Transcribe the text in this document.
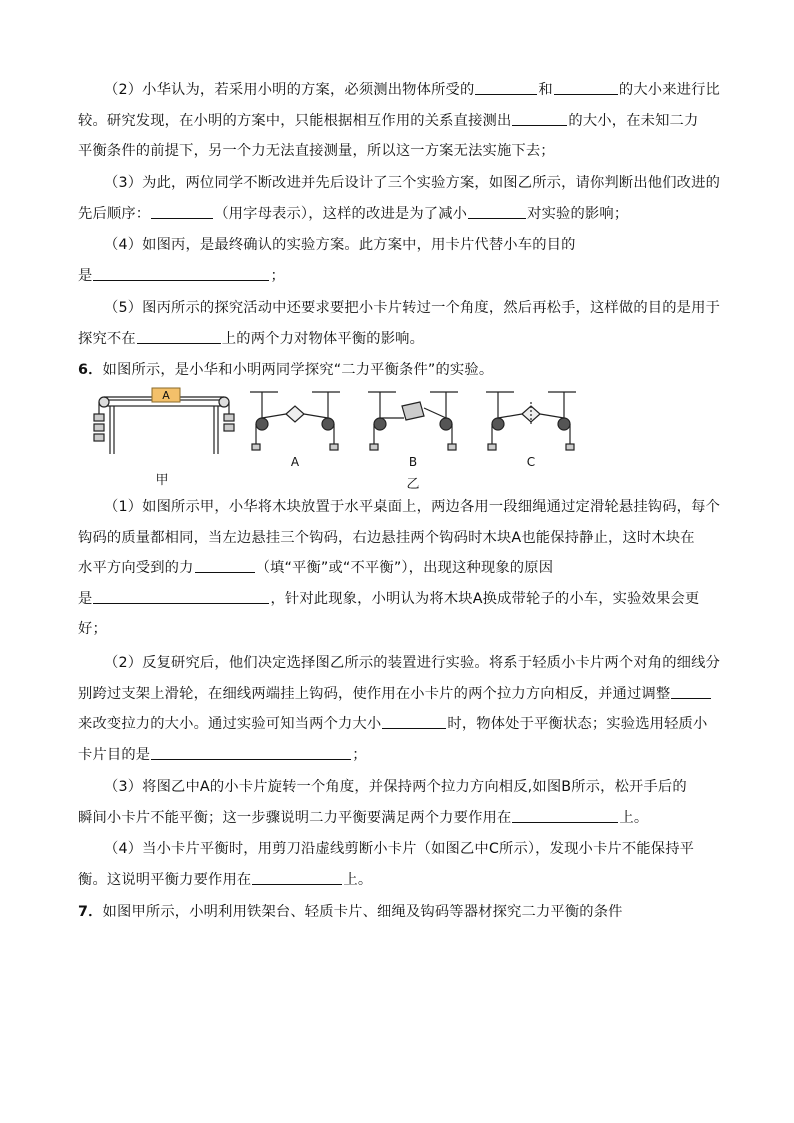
（2）小华认为，若采用小明的方案，必须测出物体所受的	和	的大小来进行比
较。研究发现，在小明的方案中，只能根据相互作用的关系直接测出	的大小，在未知二力
平衡条件的前提下，另一个力无法直接测量，所以这一方案无法实施下去；
（3）为此，两位同学不断改进并先后设计了三个实验方案，如图乙所示，请你判断出他们改进的
先后顺序：	（用字母表示），这样的改进是为了减小	对实验的影响；
（4）如图丙，是最终确认的实验方案。此方案中，用卡片代替小车的目的
是	；
（5）图丙所示的探究活动中还要求要把小卡片转过一个角度，然后再松手，这样做的目的是用于
探究不在	上的两个力对物体平衡的影响。
6．如图所示，是小华和小明两同学探究“二力平衡条件”的实验。
A
甲
A	B
乙
C
（1）如图所示甲，小华将木块放置于水平桌面上，两边各用一段细绳通过定滑轮悬挂钩码，每个
钩码的质量都相同，当左边悬挂三个钩码，右边悬挂两个钩码时木块A也能保持静止，这时木块在
水平方向受到的力	（填“平衡”或“不平衡”），出现这种现象的原因
是	，针对此现象，小明认为将木块A换成带轮子的小车，实验效果会更
好；
（2）反复研究后，他们决定选择图乙所示的装置进行实验。将系于轻质小卡片两个对角的细线分
别跨过支架上滑轮，在细线两端挂上钩码，使作用在小卡片的两个拉力方向相反，并通过调整
来改变拉力的大小。通过实验可知当两个力大小	时，物体处于平衡状态；实验选用轻质小
卡片目的是	；
（3）将图乙中A的小卡片旋转一个角度，并保持两个拉力方向相反,如图B所示，松开手后的
瞬间小卡片不能平衡；这一步骤说明二力平衡要满足两个力要作用在	上。
（4）当小卡片平衡时，用剪刀沿虚线剪断小卡片（如图乙中C所示），发现小卡片不能保持平
衡。这说明平衡力要作用在	上。
7．如图甲所示，小明利用铁架台、轻质卡片、细绳及钩码等器材探究二力平衡的条件
